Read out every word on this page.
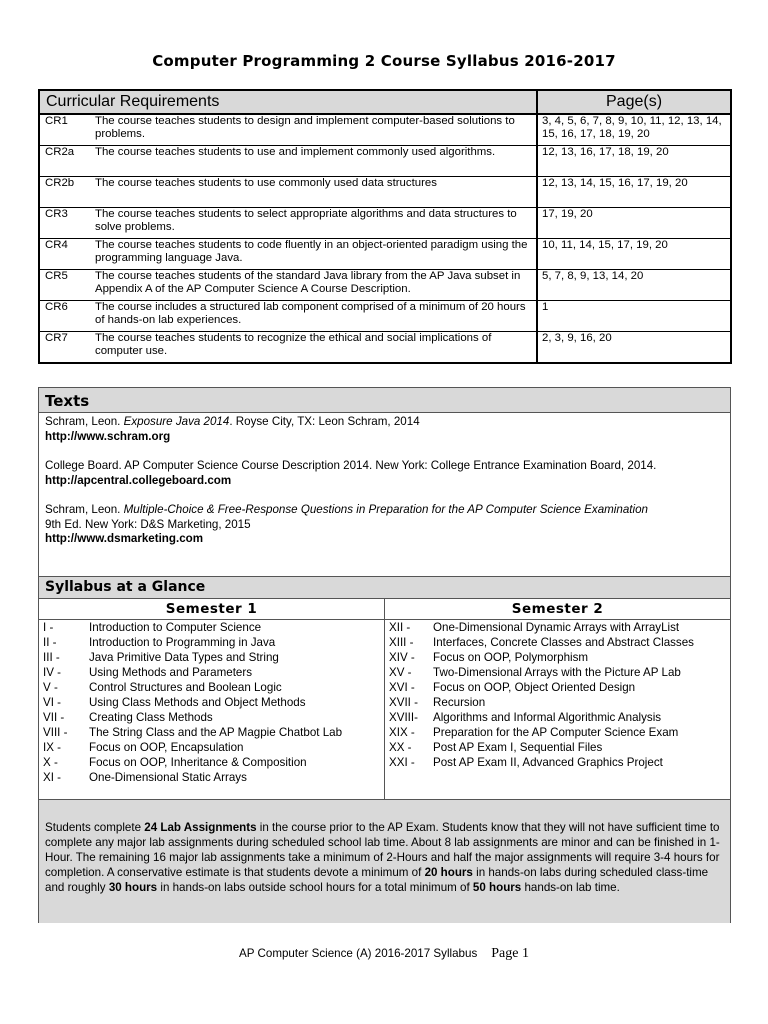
Computer Programming 2 Course Syllabus 2016-2017
Curricular Requirements		Page(s)
CR1	The course teaches students to design and implement computer-based solutions to problems.	3, 4, 5, 6, 7, 8, 9, 10, 11, 12, 13, 14, 15, 16, 17, 18, 19, 20
CR2a	The course teaches students to use and implement commonly used algorithms.	12, 13, 16, 17, 18, 19, 20
CR2b	The course teaches students to use commonly used data structures	12, 13, 14, 15, 16, 17, 19, 20
CR3	The course teaches students to select appropriate algorithms and data structures to solve problems.	17, 19, 20
CR4	The course teaches students to code fluently in an object-oriented paradigm using the programming language Java.	10, 11, 14, 15, 17, 19, 20
CR5	The course teaches students of the standard Java library from the AP Java subset in Appendix A of the AP Computer Science A Course Description.	5, 7, 8, 9, 13, 14, 20
CR6	The course includes a structured lab component comprised of a minimum of 20 hours of hands-on lab experiences.	1
CR7	The course teaches students to recognize the ethical and social implications of computer use.	2, 3, 9, 16, 20
Texts

Schram, Leon. Exposure Java 2014. Royse City, TX: Leon Schram, 2014
http://www.schram.org

College Board. AP Computer Science Course Description 2014. New York: College Entrance Examination Board, 2014.
http://apcentral.collegeboard.com

Schram, Leon. Multiple-Choice & Free-Response Questions in Preparation for the AP Computer Science Examination
9th Ed. New York: D&S Marketing, 2015
http://www.dsmarketing.com

Syllabus at a Glance
Semester 1
I -	Introduction to Computer Science
II -	Introduction to Programming in Java
III -	Java Primitive Data Types and String
IV -	Using Methods and Parameters
V -	Control Structures and Boolean Logic
VI -	Using Class Methods and Object Methods
VII -	Creating Class Methods
VIII -	The String Class and the AP Magpie Chatbot Lab
IX -	Focus on OOP, Encapsulation
X -	Focus on OOP, Inheritance & Composition
XI -	One-Dimensional Static Arrays
Semester 2
XII -	One-Dimensional Dynamic Arrays with ArrayList
XIII -	Interfaces, Concrete Classes and Abstract Classes
XIV -	Focus on OOP, Polymorphism
XV -	Two-Dimensional Arrays with the Picture AP Lab
XVI -	Focus on OOP, Object Oriented Design
XVII -	Recursion
XVIII-	Algorithms and Informal Algorithmic Analysis
XIX -	Preparation for the AP Computer Science Exam
XX -	Post AP Exam I, Sequential Files
XXI -	Post AP Exam II, Advanced Graphics Project
Students complete 24 Lab Assignments in the course prior to the AP Exam. Students know that they will not have sufficient time to complete any major lab assignments during scheduled school lab time. About 8 lab assignments are minor and can be finished in 1-Hour. The remaining 16 major lab assignments take a minimum of 2-Hours and half the major assignments will require 3-4 hours for completion. A conservative estimate is that students devote a minimum of 20 hours in hands-on labs during scheduled class-time and roughly 30 hours in hands-on labs outside school hours for a total minimum of 50 hours hands-on lab time.
AP Computer Science (A) 2016-2017 Syllabus Page 1
